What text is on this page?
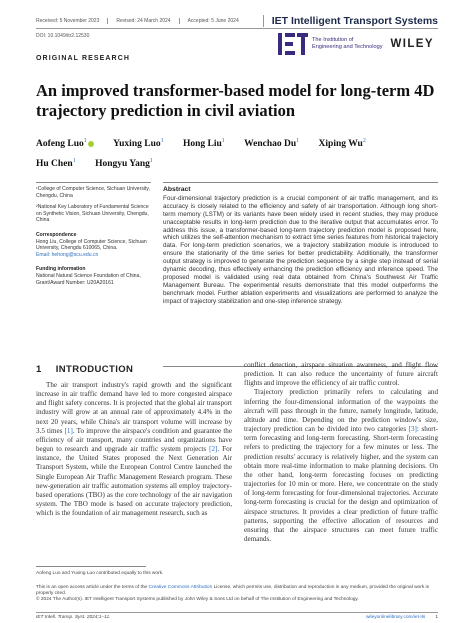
Received: 5 November 2023	Revised: 24 March 2024	Accepted: 5 June 2024	IET Intelligent Transport Systems
DOI: 10.1049/itr2.12530
The Institution of
Engineering and Technology WILEY
ORIGINAL RESEARCH
An improved transformer-based model for long-term 4D trajectory prediction in civil aviation
Aofeng Luo$^1$	Yuxing Luo$^1$ Hong Liu$^1$ Wenchao Du$^1$ Xiping Wu$^2$
Hu Chen$^1$ Hongyu Yang$^1$
¹College of Computer Science, Sichuan University, Chengdu, China
²National Key Laboratory of Fundamental Science on Synthetic Vision, Sichuan University, Chengdu, China
Correspondence
Hong Liu, College of Computer Science, Sichuan University, Chengdu 610065, China.
Email: hehong@scu.edu.cn
Funding information
National Natural Science Foundation of China, Grant/Award Number: U20A20161
Abstract
Four-dimensional trajectory prediction is a crucial component of air traffic management, and its accuracy is closely related to the efficiency and safety of air transportation. Although long short-term memory (LSTM) or its variants have been widely used in recent studies, they may produce unacceptable results in long-term prediction due to the iterative output that accumulates error. To address this issue, a transformer-based long-term trajectory prediction model is proposed here, which utilizes the self-attention mechanism to extract time series features from historical trajectory data. For long-term prediction scenarios, we a trajectory stabilization module is introduced to ensure the stationarity of the time series for better predictability. Additionally, the transformer output strategy is improved to generate the prediction sequence by a single step instead of serial dynamic decoding, thus effectively enhancing the prediction efficiency and inference speed. The proposed model is validated using real data obtained from China's Southwest Air Traffic Management Bureau. The experimental results demonstrate that this model outperforms the benchmark model. Further ablation experiments and visualizations are performed to analyze the impact of trajectory stabilization and one-step inference strategy.
1 INTRODUCTION

The air transport industry's rapid growth and the significant increase in air traffic demand have led to more congested airspace and flight safety concerns. It is projected that the global air transport industry will grow at an annual rate of approximately 4.4% in the next 20 years, while China's air transport volume will increase by 3.5 times [1]. To improve the airspace's condition and guarantee the efficiency of air transport, many countries and organizations have begun to research and upgrade air traffic system projects [2]. For instance, the United States proposed the Next Generation Air Transport System, while the European Control Centre launched the Single European Air Traffic Management Research program. These new-generation air traffic automation systems all employ trajectory-based operations (TBO) as the core technology of the air navigation system. The TBO mode is based on accurate trajectory prediction, which is the foundation of air management research, such as

conflict detection, airspace situation awareness, and flight flow prediction. It can also reduce the uncertainty of future aircraft flights and improve the efficiency of air traffic control.

Trajectory prediction primarily refers to calculating and inferring the four-dimensional information of the waypoints the aircraft will pass through in the future, namely longitude, latitude, altitude and time. Depending on the prediction window's size, trajectory prediction can be divided into two categories [3]: short-term forecasting and long-term forecasting. Short-term forecasting refers to predicting the trajectory for a few minutes or less. The prediction results' accuracy is relatively higher, and the system can obtain more real-time information to make planning decisions. On the other hand, long-term forecasting focuses on predicting trajectories for 10 min or more. Here, we concentrate on the study of long-term forecasting for four-dimensional trajectories. Accurate long-term forecasting is crucial for the design and optimization of airspace structures. It provides a clear prediction of future traffic patterns, supporting the effective allocation of resources and ensuring that the airspace structures can meet future traffic demands.

Aofeng Luo and Yuxing Luo contributed equally to this work.
This is an open access article under the terms of the Creative Commons Attribution License, which permits use, distribution and reproduction in any medium, provided the original work is properly cited.
© 2024 The Author(s). IET Intelligent Transport Systems published by John Wiley & Sons Ltd on behalf of The Institution of Engineering and Technology.
IET Intell. Transp. Syst. 2024;1–11.	wileyonlinelibrary.com/iet-its 1
